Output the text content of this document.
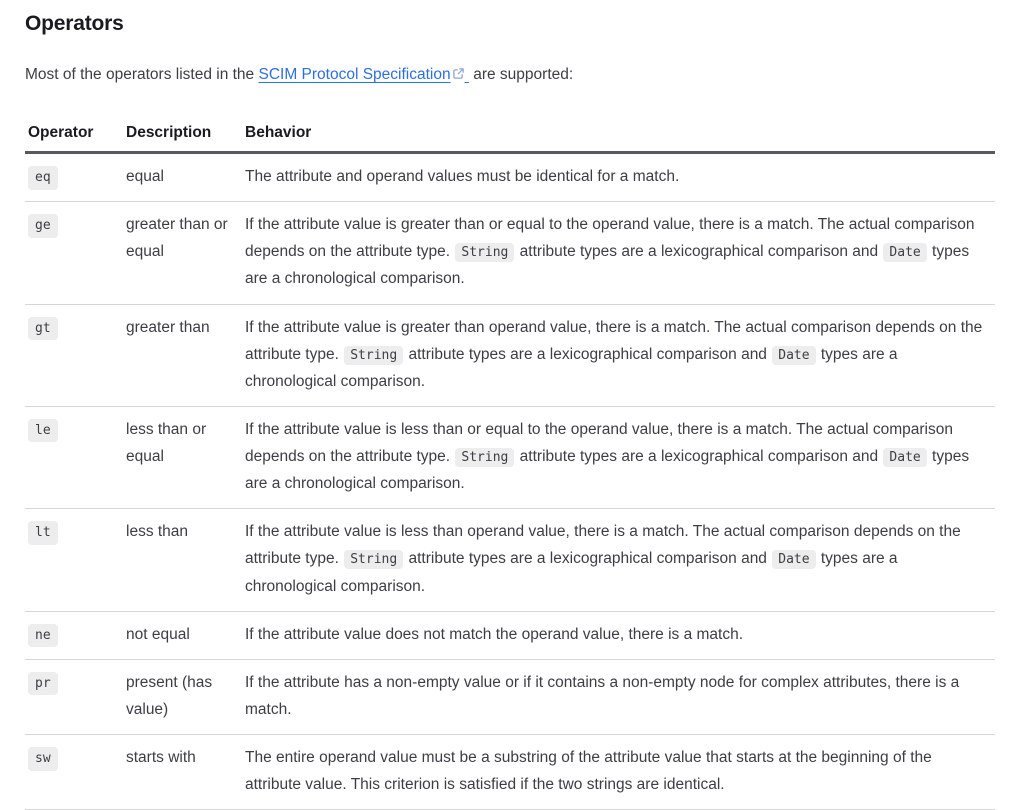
Operators

Most of the operators listed in the SCIM Protocol Specification  are supported:

Operator	Description	Behavior
eq	equal	The attribute and operand values must be identical for a match.
ge	greater than or equal	If the attribute value is greater than or equal to the operand value, there is a match. The actual comparison depends on the attribute type. String attribute types are a lexicographical comparison and Date types are a chronological comparison.
gt	greater than	If the attribute value is greater than operand value, there is a match. The actual comparison depends on the attribute type. String attribute types are a lexicographical comparison and Date types are a chronological comparison.
le	less than or equal	If the attribute value is less than or equal to the operand value, there is a match. The actual comparison depends on the attribute type. String attribute types are a lexicographical comparison and Date types are a chronological comparison.
lt	less than	If the attribute value is less than operand value, there is a match. The actual comparison depends on the attribute type. String attribute types are a lexicographical comparison and Date types are a chronological comparison.
ne	not equal	If the attribute value does not match the operand value, there is a match.
pr	present (has value)	If the attribute has a non-empty value or if it contains a non-empty node for complex attributes, there is a match.
sw	starts with	The entire operand value must be a substring of the attribute value that starts at the beginning of the attribute value. This criterion is satisfied if the two strings are identical.
